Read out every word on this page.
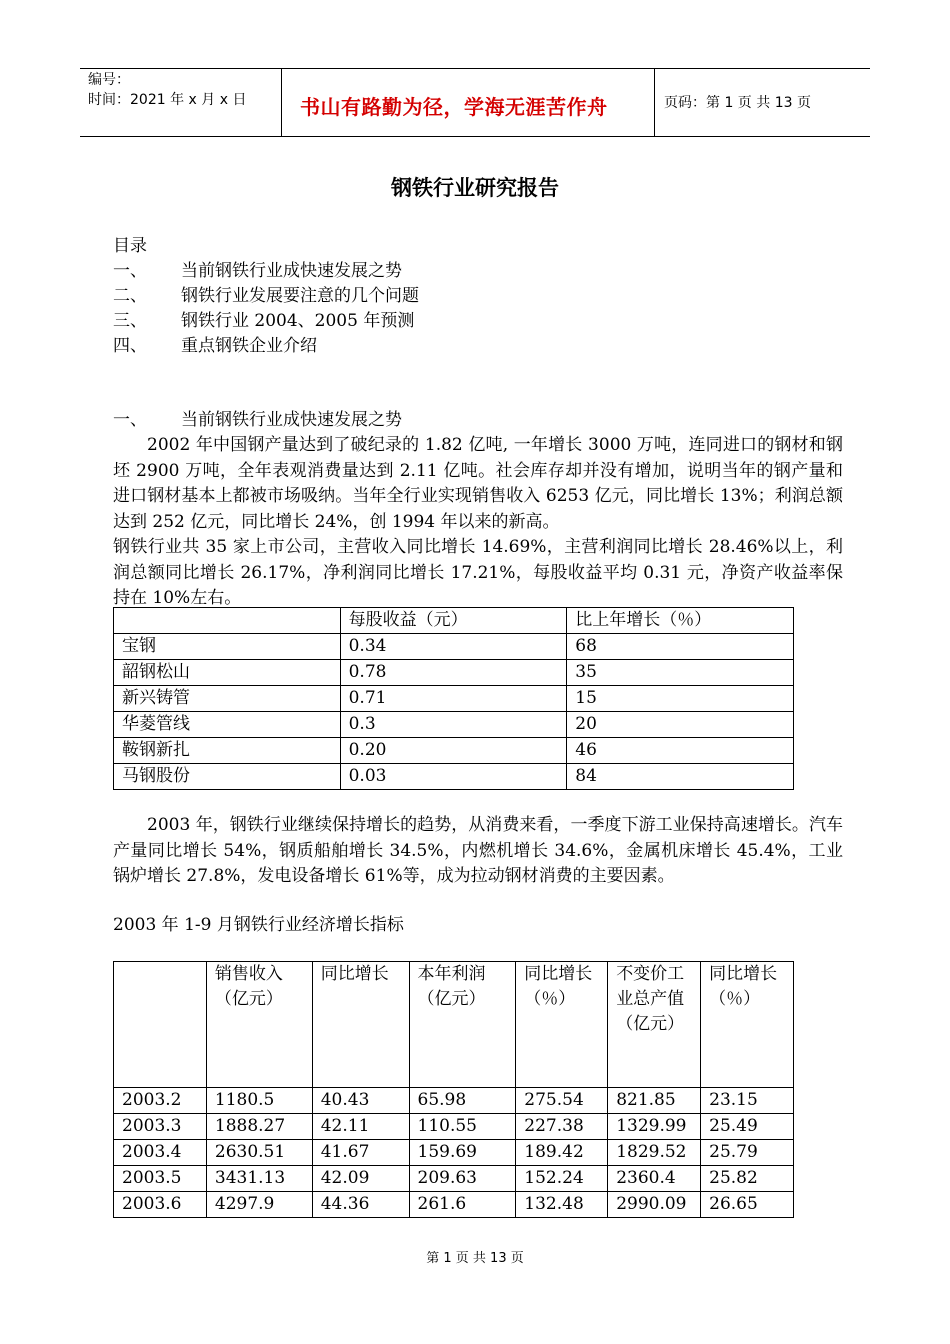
编号：
时间：2021 年 x 月 x 日	书山有路勤为径，学海无涯苦作舟	页码：第 1 页 共 13 页
钢铁行业研究报告
目录
一、 当前钢铁行业成快速发展之势
二、 钢铁行业发展要注意的几个问题
三、 钢铁行业 2004、2005 年预测
四、 重点钢铁企业介绍
一、 当前钢铁行业成快速发展之势
2002 年中国钢产量达到了破纪录的 1.82 亿吨, 一年增长 3000 万吨，连同进口的钢材和钢坯 2900 万吨，全年表观消费量达到 2.11 亿吨。社会库存却并没有增加，说明当年的钢产量和进口钢材基本上都被市场吸纳。当年全行业实现销售收入 6253 亿元，同比增长 13%；利润总额达到 252 亿元，同比增长 24%，创 1994 年以来的新高。
钢铁行业共 35 家上市公司，主营收入同比增长 14.69%，主营利润同比增长 28.46%以上，利润总额同比增长 26.17%，净利润同比增长 17.21%，每股收益平均 0.31 元，净资产收益率保持在 10%左右。
	每股收益（元）	比上年增长（％）
宝钢	0.34	68
韶钢松山	0.78	35
新兴铸管	0.71	15
华菱管线	0.3	20
鞍钢新扎	0.20	46
马钢股份	0.03	84
2003 年，钢铁行业继续保持增长的趋势，从消费来看，一季度下游工业保持高速增长。汽车产量同比增长 54%，钢质船舶增长 34.5%，内燃机增长 34.6%，金属机床增长 45.4%，工业锅炉增长 27.8%，发电设备增长 61%等，成为拉动钢材消费的主要因素。
2003 年 1-9 月钢铁行业经济增长指标
	销售收入（亿元）	同比增长	本年利润（亿元）	同比增长（％）	不变价工业总产值（亿元）	同比增长（％）
2003.2	1180.5	40.43	65.98	275.54	821.85	23.15
2003.3	1888.27	42.11	110.55	227.38	1329.99	25.49
2003.4	2630.51	41.67	159.69	189.42	1829.52	25.79
2003.5	3431.13	42.09	209.63	152.24	2360.4	25.82
2003.6	4297.9	44.36	261.6	132.48	2990.09	26.65
第 1 页 共 13 页
